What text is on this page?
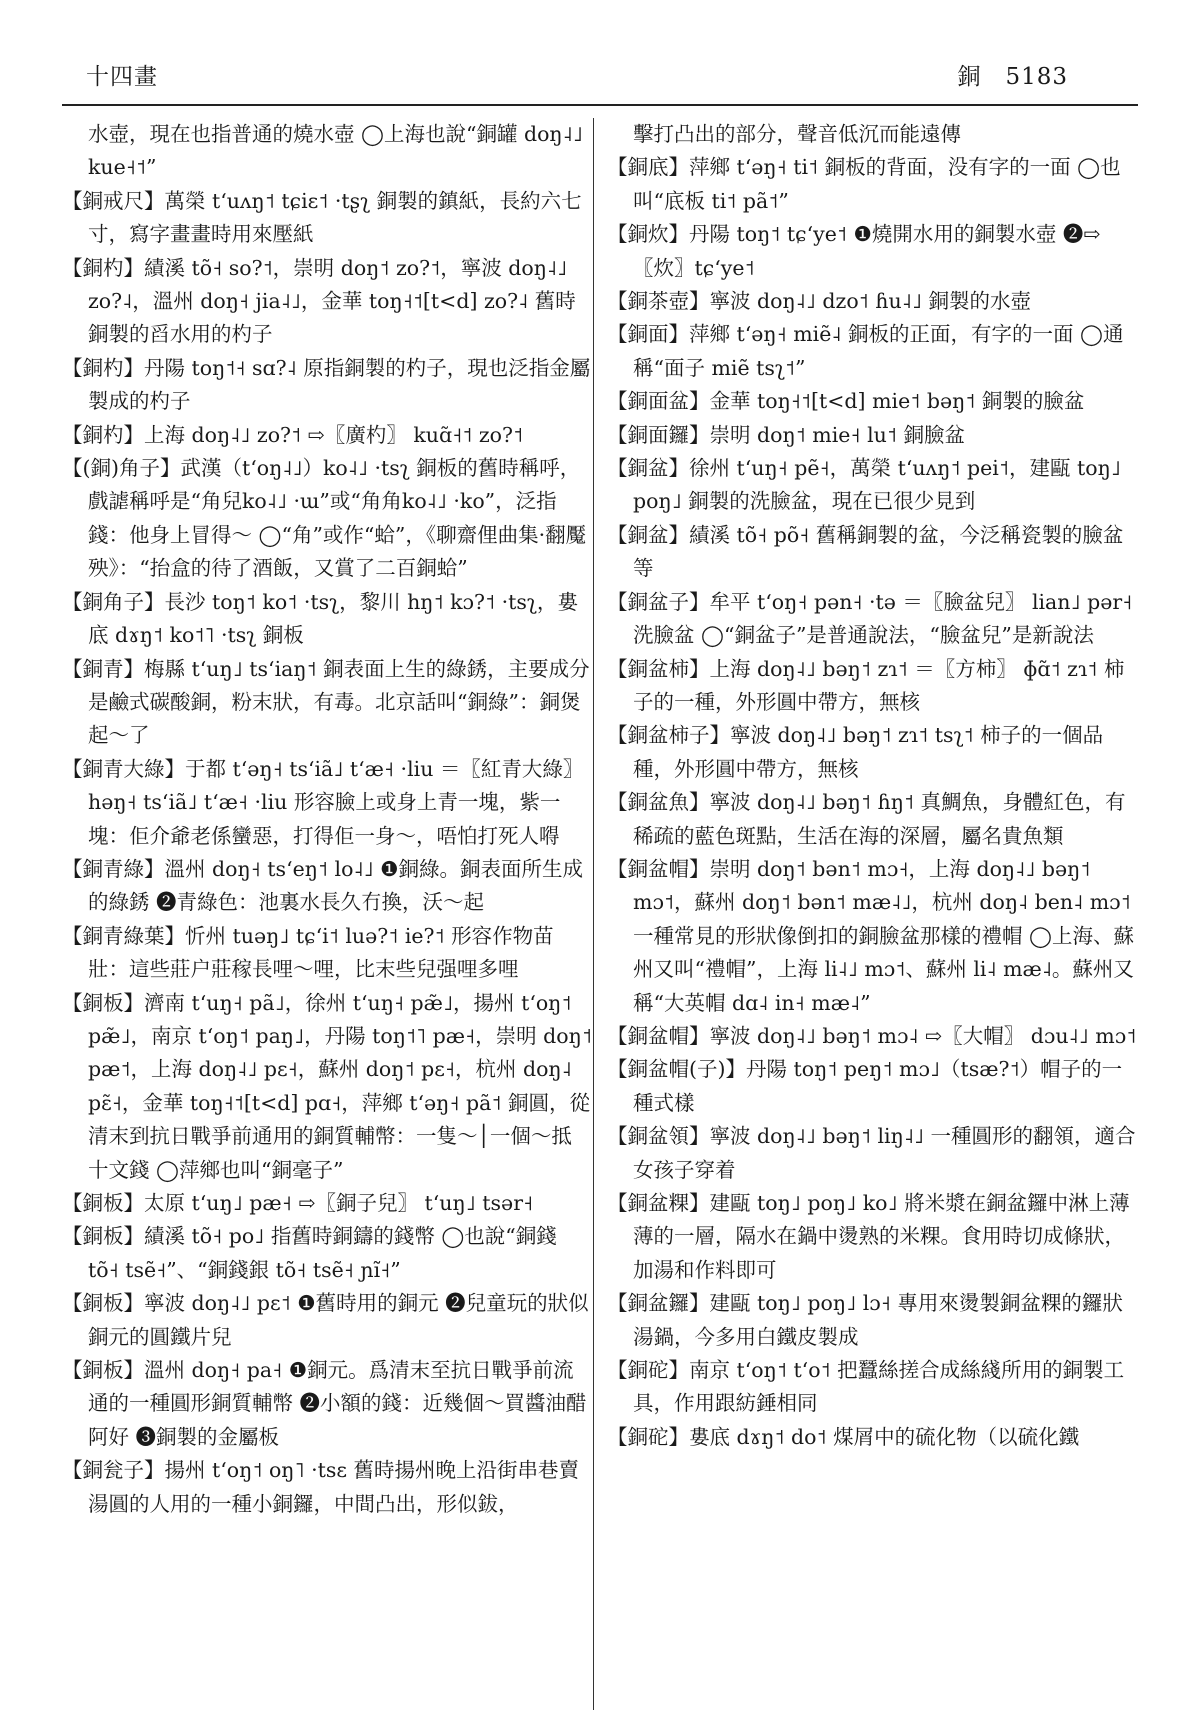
十四畫	銅　5183

水壺，現在也指普通的燒水壺 ◯上海也說“銅罐 doŋ˨˩ kue˧˦”

【銅戒尺】萬榮 tʻuʌŋ˦ tɕiɛ˦ ·tʂʅ 銅製的鎮紙，長約六七寸，寫字畫畫時用來壓紙

【銅杓】績溪 tõ˧ so?˦，崇明 doŋ˦ zo?˦，寧波 doŋ˨˩ zo?˨，溫州 doŋ˧ jia˨˩，金華 toŋ˧˦[t<d] zo?˨ 舊時銅製的舀水用的杓子

【銅杓】丹陽 toŋ˦˧ sɑ?˨ 原指銅製的杓子，現也泛指金屬製成的杓子

【銅杓】上海 doŋ˨˩ zo?˦ ⇨〖廣杓〗 kuɑ̃˧˦ zo?˦

【(銅)角子】武漢（tʻoŋ˨˩）ko˨˩ ·tsʅ 銅板的舊時稱呼，戲謔稱呼是“角兒ko˨˩ ·ɯ”或“角角ko˨˩ ·ko”，泛指錢：他身上冒得～ ◯“角”或作“蛤”，《聊齋俚曲集·翻魘殃》：“抬盒的待了酒飯，又賞了二百銅蛤”

【銅角子】長沙 toŋ˦ ko˦ ·tsʅ，黎川 hŋ˦ kɔ?˦ ·tsʅ，婁底 dɤŋ˦ ko˦˥ ·tsʅ 銅板

【銅青】梅縣 tʻuŋ˩ tsʻiaŋ˦ 銅表面上生的綠銹，主要成分是鹼式碳酸銅，粉末狀，有毒。北京話叫“銅綠”：銅煲起～了

【銅青大綠】于都 tʻəŋ˧ tsʻiã˩ tʻæ˧ ·liu ＝〖紅青大綠〗 həŋ˧ tsʻiã˩ tʻæ˧ ·liu 形容臉上或身上青一塊，紫一塊：佢介爺老係蠻惡，打得佢一身～，唔怕打死人嘚

【銅青綠】溫州 doŋ˧ tsʻeŋ˦ lo˨˩ ❶銅綠。銅表面所生成的綠銹 ❷青綠色：池裏水長久冇換，沃～起

【銅青綠葉】忻州 tuəŋ˩ tɕʻi˦ luə?˦ ie?˦ 形容作物苗壯：這些莊户莊稼長哩～哩，比末些兒强哩多哩

【銅板】濟南 tʻuŋ˧ pã˩，徐州 tʻuŋ˧ pæ̃˩，揚州 tʻoŋ˦ pæ̃˩，南京 tʻoŋ˦ paŋ˩，丹陽 toŋ˦˥ pæ˧，崇明 doŋ˦ pæ˦，上海 doŋ˨˩ pɛ˧，蘇州 doŋ˦ pɛ˧，杭州 doŋ˨ pɛ̃˧，金華 toŋ˧˦[t<d] pɑ˧，萍鄉 tʻəŋ˧ pã˦ 銅圓，從清末到抗日戰爭前通用的銅質輔幣：一隻～│一個～抵十文錢 ◯萍鄉也叫“銅毫子”

【銅板】太原 tʻuŋ˩ pæ˧ ⇨〖銅子兒〗 tʻuŋ˩ tsər˧

【銅板】績溪 tõ˧ po˩ 指舊時銅鑄的錢幣 ◯也說“銅錢 tõ˧ tsẽ˧”、“銅錢銀 tõ˧ tsẽ˧ ɲĩ˧”

【銅板】寧波 doŋ˨˩ pɛ˦ ❶舊時用的銅元 ❷兒童玩的狀似銅元的圓鐵片兒

【銅板】溫州 doŋ˧ pa˧ ❶銅元。爲清末至抗日戰爭前流通的一種圓形銅質輔幣 ❷小額的錢：近幾個～買醬油醋阿好 ❸銅製的金屬板

【銅瓮子】揚州 tʻoŋ˦ oŋ˥ ·tsɛ 舊時揚州晚上沿街串巷賣湯圓的人用的一種小銅鑼，中間凸出，形似鈸，

擊打凸出的部分，聲音低沉而能遠傳

【銅底】萍鄉 tʻəŋ˧ ti˦ 銅板的背面，没有字的一面 ◯也叫“底板 ti˦ pã˦”

【銅炊】丹陽 toŋ˦ tɕʻye˦ ❶燒開水用的銅製水壺 ❷⇨〖炊〗tɕʻye˦

【銅茶壺】寧波 doŋ˨˩ dzo˦ ɦu˨˩ 銅製的水壺

【銅面】萍鄉 tʻəŋ˧ miẽ˨ 銅板的正面，有字的一面 ◯通稱“面子 miẽ tsʅ˦”

【銅面盆】金華 toŋ˧˦[t<d] mie˦ bəŋ˦ 銅製的臉盆

【銅面鑼】崇明 doŋ˦ mie˧ lu˦ 銅臉盆

【銅盆】徐州 tʻuŋ˧ pẽ˧，萬榮 tʻuʌŋ˦ pei˦，建甌 toŋ˩ poŋ˩ 銅製的洗臉盆，現在已很少見到

【銅盆】績溪 tõ˧ põ˧ 舊稱銅製的盆，今泛稱瓷製的臉盆等

【銅盆子】牟平 tʻoŋ˧ pən˧ ·tə ＝〖臉盆兒〗 lian˩ pər˧ 洗臉盆 ◯“銅盆子”是普通說法，“臉盆兒”是新說法

【銅盆柿】上海 doŋ˨˩ bəŋ˦ zɿ˦ ＝〖方柿〗 ɸɑ̃˦ zɿ˦ 柿子的一種，外形圓中帶方，無核

【銅盆柿子】寧波 doŋ˨˩ bəŋ˦ zɿ˦ tsʅ˦ 柿子的一個品種，外形圓中帶方，無核

【銅盆魚】寧波 doŋ˨˩ bəŋ˦ ɦŋ˦ 真鯛魚，身體紅色，有稀疏的藍色斑點，生活在海的深層，屬名貴魚類

【銅盆帽】崇明 doŋ˦ bən˦ mɔ˧，上海 doŋ˨˩ bəŋ˦ mɔ˦，蘇州 doŋ˦ bən˦ mæ˨˩，杭州 doŋ˨ ben˨ mɔ˦ 一種常見的形狀像倒扣的銅臉盆那樣的禮帽 ◯上海、蘇州又叫“禮帽”，上海 li˨˩ mɔ˦、蘇州 li˨ mæ˨。蘇州又稱“大英帽 dɑ˨ in˧ mæ˨”

【銅盆帽】寧波 doŋ˨˩ bəŋ˦ mɔ˨ ⇨〖大帽〗 dɔu˨˩ mɔ˦

【銅盆帽(子)】丹陽 toŋ˦ peŋ˦ mɔ˩（tsæ?˦）帽子的一種式樣

【銅盆領】寧波 doŋ˨˩ bəŋ˦ liŋ˨˩ 一種圓形的翻領，適合女孩子穿着

【銅盆粿】建甌 toŋ˩ poŋ˩ ko˩ 將米漿在銅盆鑼中淋上薄薄的一層，隔水在鍋中燙熟的米粿。食用時切成條狀，加湯和作料即可

【銅盆鑼】建甌 toŋ˩ poŋ˩ lɔ˧ 專用來燙製銅盆粿的鑼狀湯鍋，今多用白鐵皮製成

【銅砣】南京 tʻoŋ˦ tʻo˦ 把蠶絲搓合成絲綫所用的銅製工具，作用跟紡錘相同

【銅砣】婁底 dɤŋ˦ do˦ 煤屑中的硫化物（以硫化鐵
